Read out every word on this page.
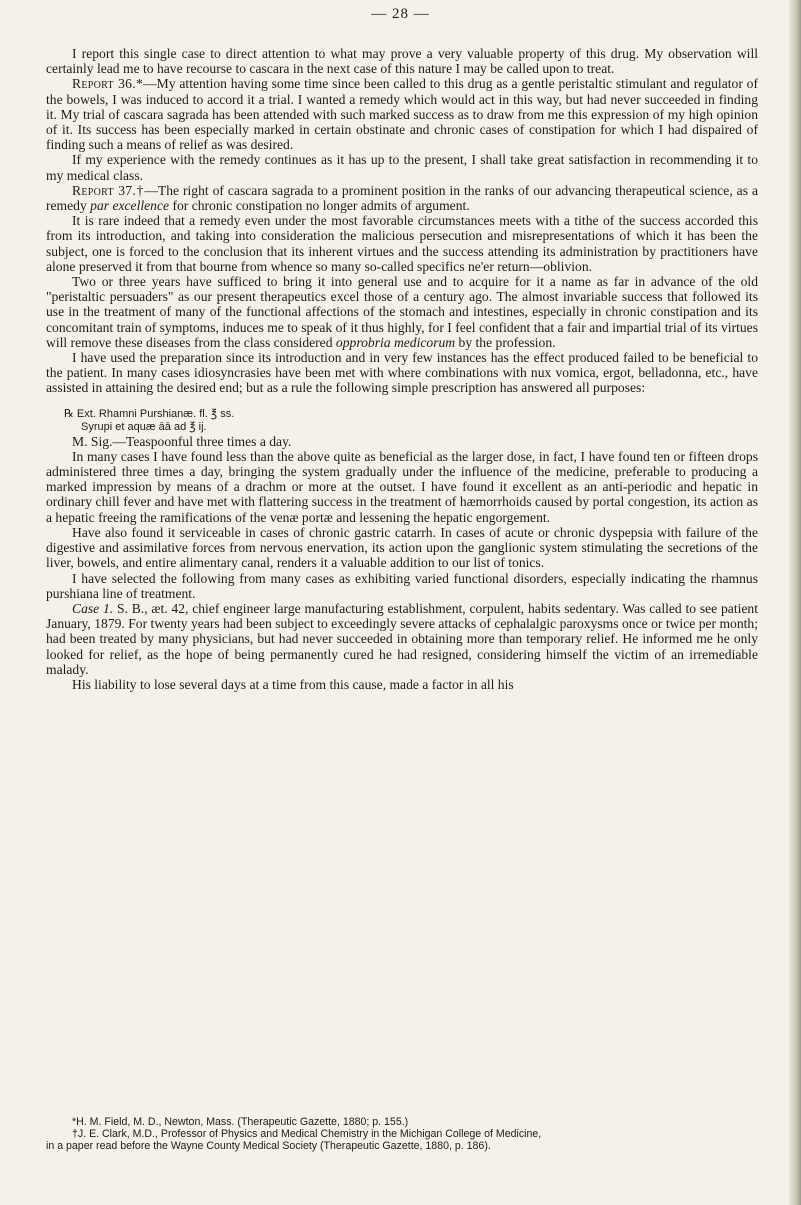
— 28 —

I report this single case to direct attention to what may prove a very valuable property of this drug. My observation will certainly lead me to have recourse to cascara in the next case of this nature I may be called upon to treat.

Report 36.*—My attention having some time since been called to this drug as a gentle peristaltic stimulant and regulator of the bowels, I was induced to accord it a trial. I wanted a remedy which would act in this way, but had never succeeded in finding it. My trial of cascara sagrada has been attended with such marked success as to draw from me this expression of my high opinion of it. Its success has been especially marked in certain obstinate and chronic cases of constipation for which I had dispaired of finding such a means of relief as was desired.

If my experience with the remedy continues as it has up to the present, I shall take great satisfaction in recommending it to my medical class.

Report 37.†—The right of cascara sagrada to a prominent position in the ranks of our advancing therapeutical science, as a remedy par excellence for chronic constipation no longer admits of argument.

It is rare indeed that a remedy even under the most favorable circumstances meets with a tithe of the success accorded this from its introduction, and taking into consideration the malicious persecution and misrepresentations of which it has been the subject, one is forced to the conclusion that its inherent virtues and the success attending its administration by practitioners have alone preserved it from that bourne from whence so many so-called specifics ne'er return—oblivion.

Two or three years have sufficed to bring it into general use and to acquire for it a name as far in advance of the old "peristaltic persuaders" as our present therapeutics excel those of a century ago. The almost invariable success that followed its use in the treatment of many of the functional affections of the stomach and intestines, especially in chronic constipation and its concomitant train of symptoms, induces me to speak of it thus highly, for I feel confident that a fair and impartial trial of its virtues will remove these diseases from the class considered opprobria medicorum by the profession.

I have used the preparation since its introduction and in very few instances has the effect produced failed to be beneficial to the patient. In many cases idiosyncrasies have been met with where combinations with nux vomica, ergot, belladonna, etc., have assisted in attaining the desired end; but as a rule the following simple prescription has answered all purposes:

℞ Ext. Rhamni Purshianæ. fl. ℥ ss.
Syrupi et aquæ āā ad ℥ ij.

M. Sig.—Teaspoonful three times a day.

In many cases I have found less than the above quite as beneficial as the larger dose, in fact, I have found ten or fifteen drops administered three times a day, bringing the system gradually under the influence of the medicine, preferable to producing a marked impression by means of a drachm or more at the outset. I have found it excellent as an anti-periodic and hepatic in ordinary chill fever and have met with flattering success in the treatment of hæmorrhoids caused by portal congestion, its action as a hepatic freeing the ramifications of the venæ portæ and lessening the hepatic engorgement.

Have also found it serviceable in cases of chronic gastric catarrh. In cases of acute or chronic dyspepsia with failure of the digestive and assimilative forces from nervous enervation, its action upon the ganglionic system stimulating the secretions of the liver, bowels, and entire alimentary canal, renders it a valuable addition to our list of tonics.

I have selected the following from many cases as exhibiting varied functional disorders, especially indicating the rhamnus purshiana line of treatment.

Case 1. S. B., æt. 42, chief engineer large manufacturing establishment, corpulent, habits sedentary. Was called to see patient January, 1879. For twenty years had been subject to exceedingly severe attacks of cephalalgic paroxysms once or twice per month; had been treated by many physicians, but had never succeeded in obtaining more than temporary relief. He informed me he only looked for relief, as the hope of being permanently cured he had resigned, considering himself the victim of an irremediable malady.

His liability to lose several days at a time from this cause, made a factor in all his

*H. M. Field, M. D., Newton, Mass. (Therapeutic Gazette, 1880; p. 155.)
†J. E. Clark, M.D., Professor of Physics and Medical Chemistry in the Michigan College of Medicine,
in a paper read before the Wayne County Medical Society (Therapeutic Gazette, 1880, p. 186).
